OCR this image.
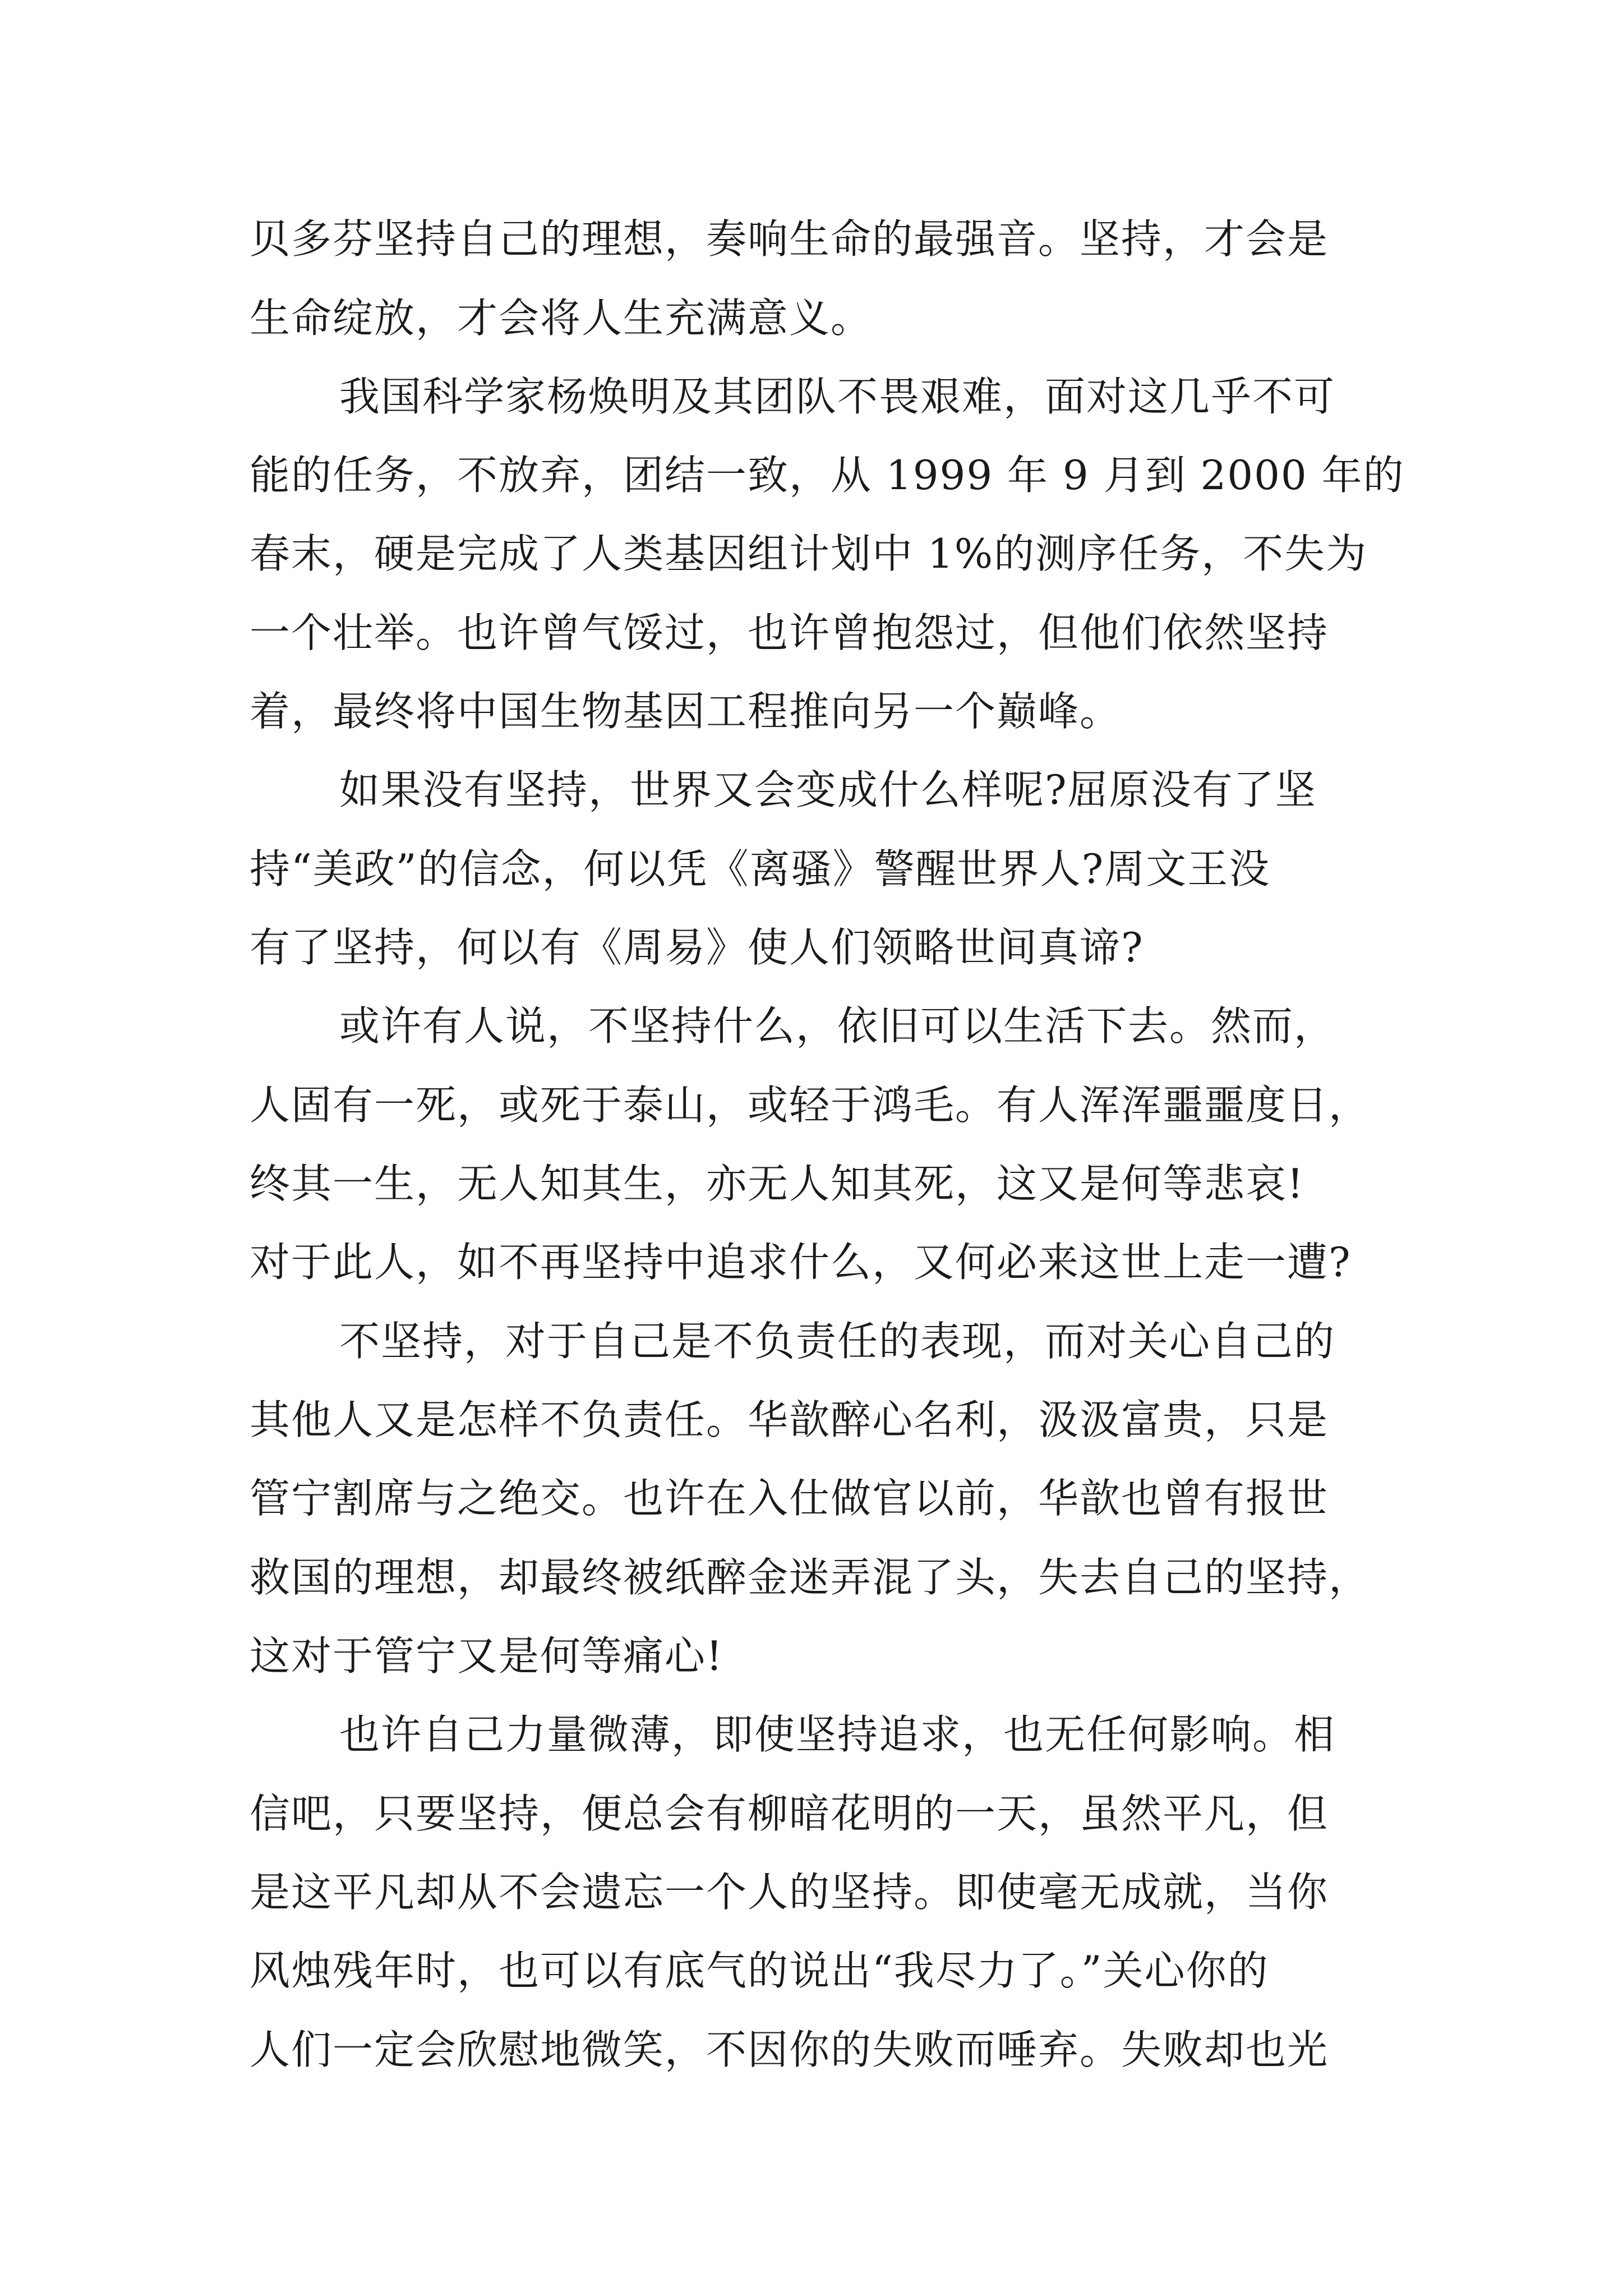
贝多芬坚持自己的理想，奏响生命的最强音。坚持，才会是
生命绽放，才会将人生充满意义。
我国科学家杨焕明及其团队不畏艰难，面对这几乎不可
能的任务，不放弃，团结一致，从 1999 年 9 月到 2000 年的
春末，硬是完成了人类基因组计划中 1%的测序任务，不失为
一个壮举。也许曾气馁过，也许曾抱怨过，但他们依然坚持
着，最终将中国生物基因工程推向另一个巅峰。
如果没有坚持，世界又会变成什么样呢?屈原没有了坚
持“美政”的信念，何以凭《离骚》警醒世界人?周文王没
有了坚持，何以有《周易》使人们领略世间真谛?
或许有人说，不坚持什么，依旧可以生活下去。然而，
人固有一死，或死于泰山，或轻于鸿毛。有人浑浑噩噩度日，
终其一生，无人知其生，亦无人知其死，这又是何等悲哀!
对于此人，如不再坚持中追求什么，又何必来这世上走一遭?
不坚持，对于自己是不负责任的表现，而对关心自己的
其他人又是怎样不负责任。华歆醉心名利，汲汲富贵，只是
管宁割席与之绝交。也许在入仕做官以前，华歆也曾有报世
救国的理想，却最终被纸醉金迷弄混了头，失去自己的坚持，
这对于管宁又是何等痛心!
也许自己力量微薄，即使坚持追求，也无任何影响。相
信吧，只要坚持，便总会有柳暗花明的一天，虽然平凡，但
是这平凡却从不会遗忘一个人的坚持。即使毫无成就，当你
风烛残年时，也可以有底气的说出“我尽力了。”关心你的
人们一定会欣慰地微笑，不因你的失败而唾弃。失败却也光
